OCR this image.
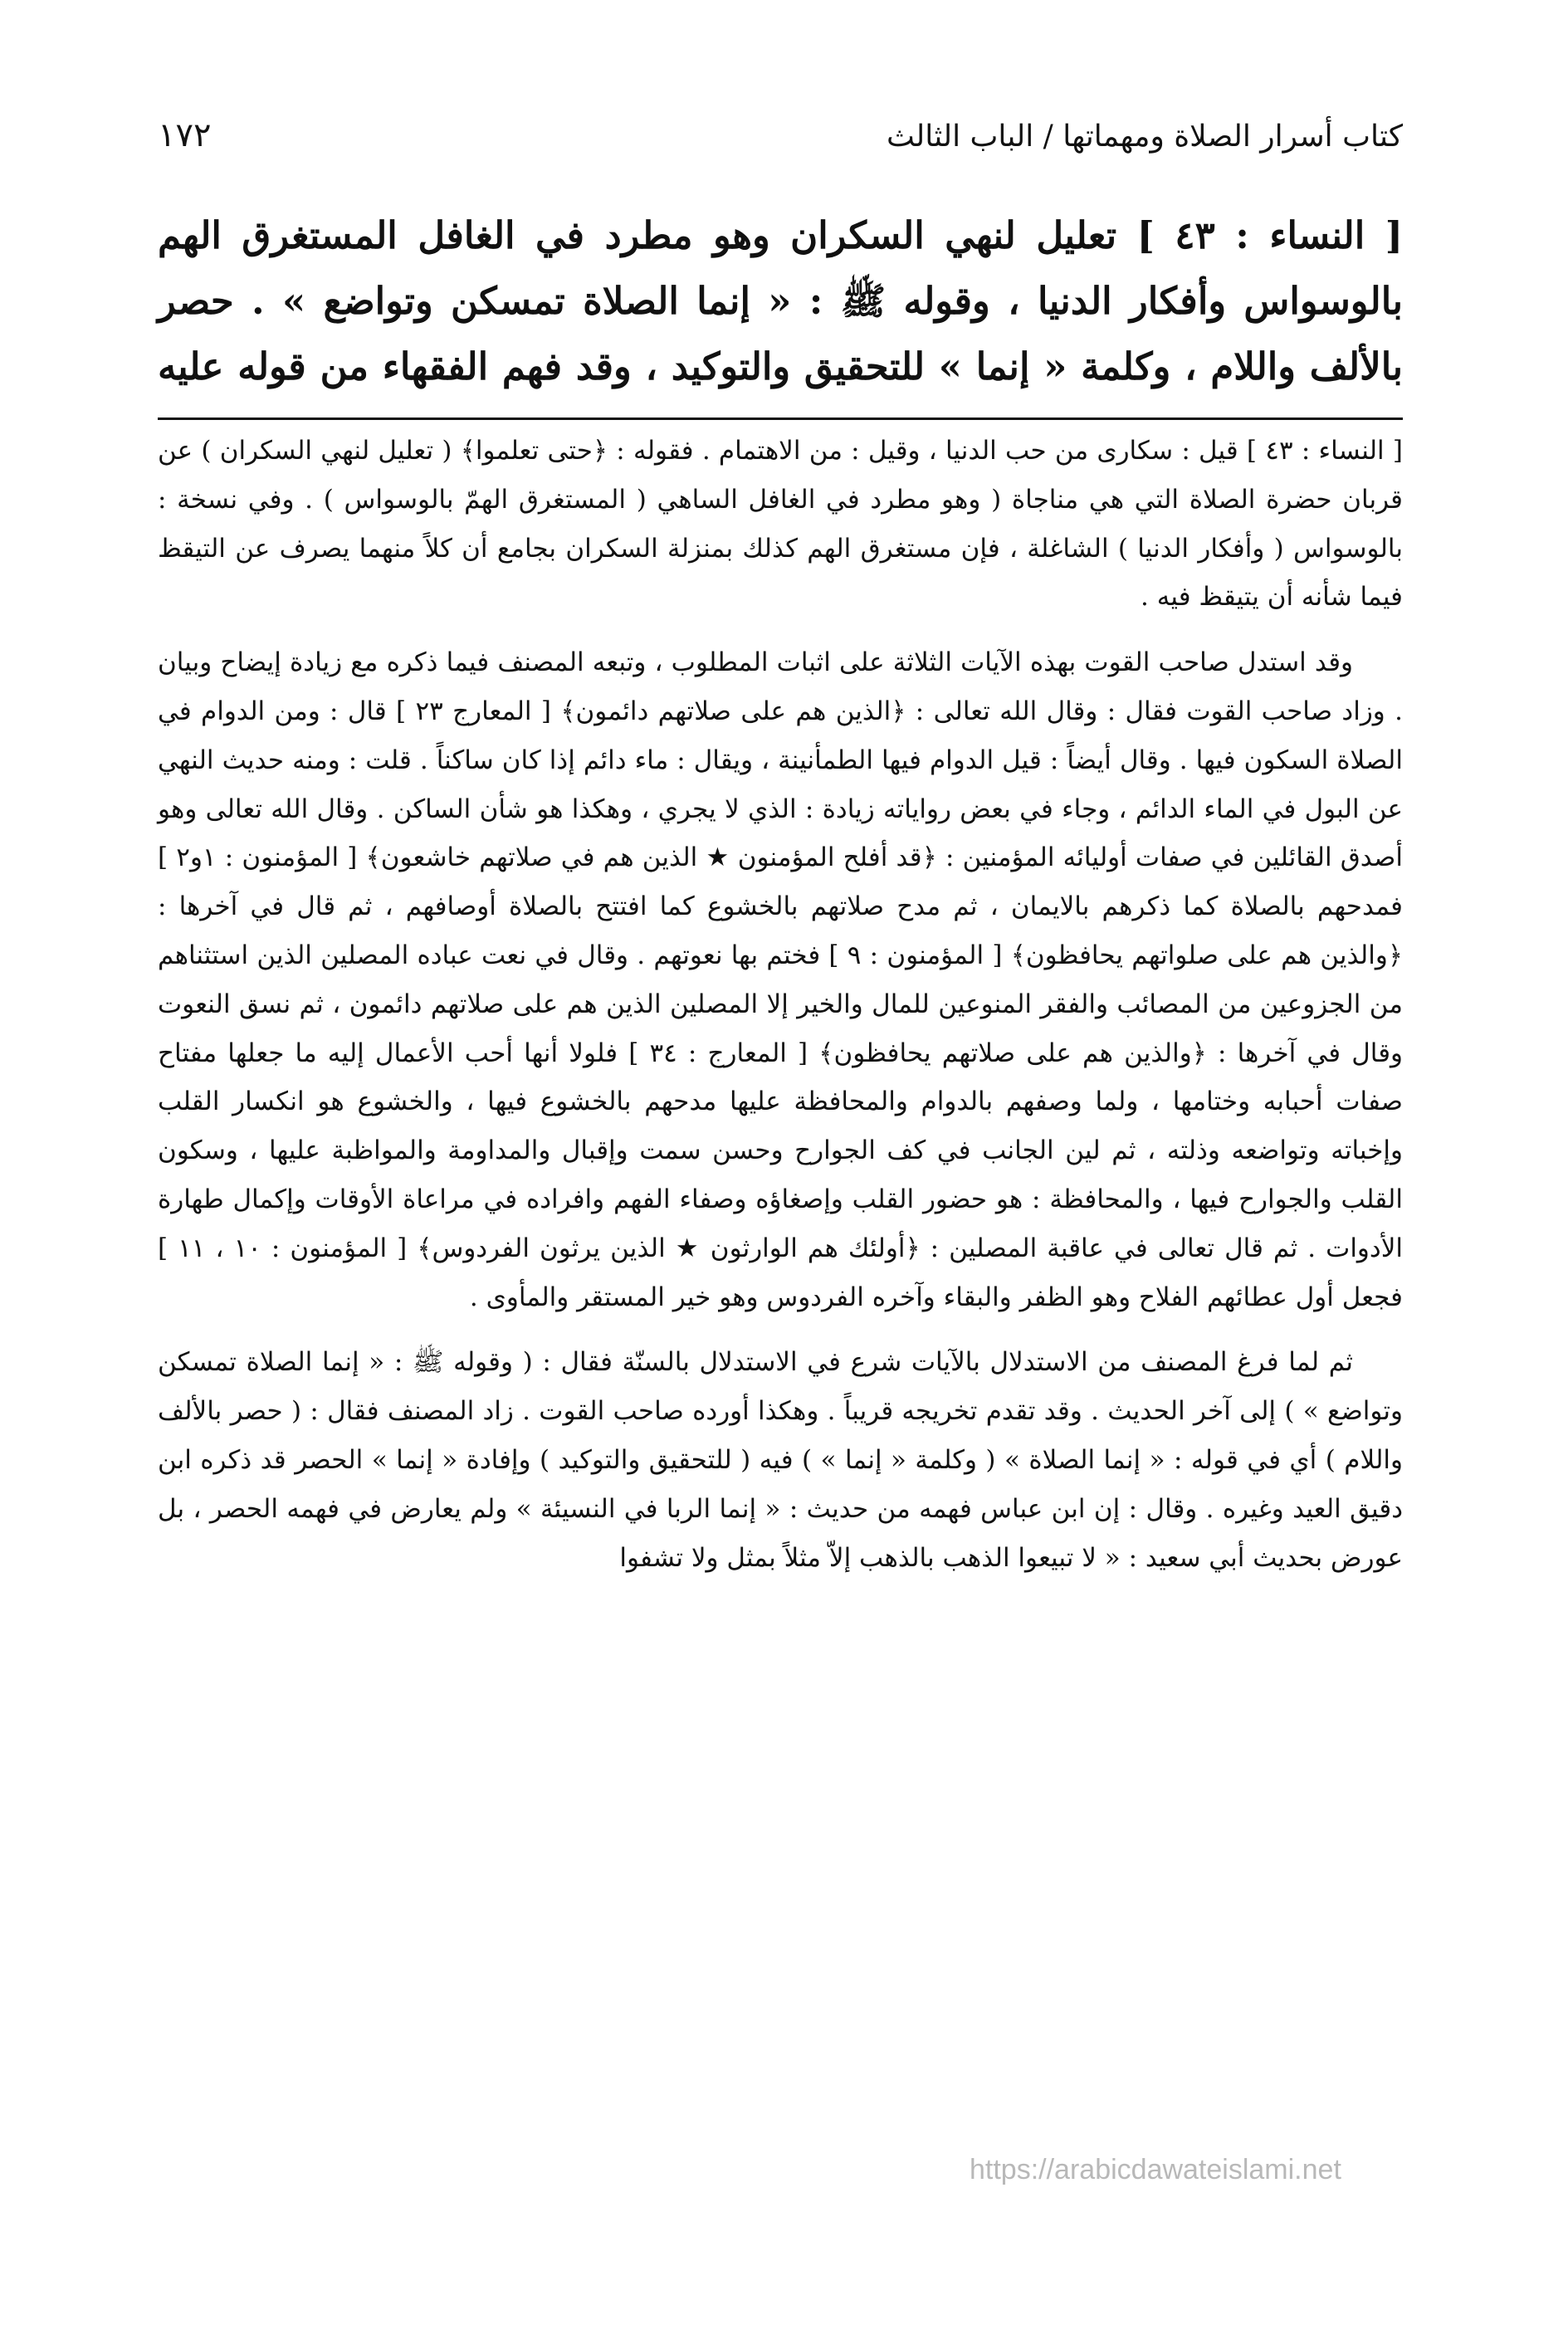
كتاب أسرار الصلاة ومهماتها / الباب الثالث
١٧٢

[ النساء : ٤٣ ] تعليل لنهي السكران وهو مطرد في الغافل المستغرق الهم بالوسواس وأفكار الدنيا ، وقوله ﷺ : « إنما الصلاة تمسكن وتواضع » . حصر بالألف واللام ، وكلمة « إنما » للتحقيق والتوكيد ، وقد فهم الفقهاء من قوله عليه

[ النساء : ٤٣ ] قيل : سكارى من حب الدنيا ، وقيل : من الاهتمام . فقوله : ﴿حتى تعلموا﴾ ( تعليل لنهي السكران ) عن قربان حضرة الصلاة التي هي مناجاة ( وهو مطرد في الغافل الساهي ( المستغرق الهمّ بالوسواس ) . وفي نسخة : بالوسواس ( وأفكار الدنيا ) الشاغلة ، فإن مستغرق الهم كذلك بمنزلة السكران بجامع أن كلاً منهما يصرف عن التيقظ فيما شأنه أن يتيقظ فيه .

وقد استدل صاحب القوت بهذه الآيات الثلاثة على اثبات المطلوب ، وتبعه المصنف فيما ذكره مع زيادة إيضاح وبيان . وزاد صاحب القوت فقال : وقال الله تعالى : ﴿الذين هم على صلاتهم دائمون﴾ [ المعارج ٢٣ ] قال : ومن الدوام في الصلاة السكون فيها . وقال أيضاً : قيل الدوام فيها الطمأنينة ، ويقال : ماء دائم إذا كان ساكناً . قلت : ومنه حديث النهي عن البول في الماء الدائم ، وجاء في بعض رواياته زيادة : الذي لا يجري ، وهكذا هو شأن الساكن . وقال الله تعالى وهو أصدق القائلين في صفات أوليائه المؤمنين : ﴿قد أفلح المؤمنون ★ الذين هم في صلاتهم خاشعون﴾ [ المؤمنون : ١و٢ ] فمدحهم بالصلاة كما ذكرهم بالايمان ، ثم مدح صلاتهم بالخشوع كما افتتح بالصلاة أوصافهم ، ثم قال في آخرها : ﴿والذين هم على صلواتهم يحافظون﴾ [ المؤمنون : ٩ ] فختم بها نعوتهم . وقال في نعت عباده المصلين الذين استثناهم من الجزوعين من المصائب والفقر المنوعين للمال والخير إلا المصلين الذين هم على صلاتهم دائمون ، ثم نسق النعوت وقال في آخرها : ﴿والذين هم على صلاتهم يحافظون﴾ [ المعارج : ٣٤ ] فلولا أنها أحب الأعمال إليه ما جعلها مفتاح صفات أحبابه وختامها ، ولما وصفهم بالدوام والمحافظة عليها مدحهم بالخشوع فيها ، والخشوع هو انكسار القلب وإخباته وتواضعه وذلته ، ثم لين الجانب في كف الجوارح وحسن سمت وإقبال والمداومة والمواظبة عليها ، وسكون القلب والجوارح فيها ، والمحافظة : هو حضور القلب وإصغاؤه وصفاء الفهم وافراده في مراعاة الأوقات وإكمال طهارة الأدوات . ثم قال تعالى في عاقبة المصلين : ﴿أولئك هم الوارثون ★ الذين يرثون الفردوس﴾ [ المؤمنون : ١٠ ، ١١ ] فجعل أول عطائهم الفلاح وهو الظفر والبقاء وآخره الفردوس وهو خير المستقر والمأوى .

ثم لما فرغ المصنف من الاستدلال بالآيات شرع في الاستدلال بالسنّة فقال : ( وقوله ﷺ : « إنما الصلاة تمسكن وتواضع » ) إلى آخر الحديث . وقد تقدم تخريجه قريباً . وهكذا أورده صاحب القوت . زاد المصنف فقال : ( حصر بالألف واللام ) أي في قوله : « إنما الصلاة » ( وكلمة « إنما » ) فيه ( للتحقيق والتوكيد ) وإفادة « إنما » الحصر قد ذكره ابن دقيق العيد وغيره . وقال : إن ابن عباس فهمه من حديث : « إنما الربا في النسيئة » ولم يعارض في فهمه الحصر ، بل عورض بحديث أبي سعيد : « لا تبيعوا الذهب بالذهب إلاّ مثلاً بمثل ولا تشفوا

https://arabicdawateislami.net
